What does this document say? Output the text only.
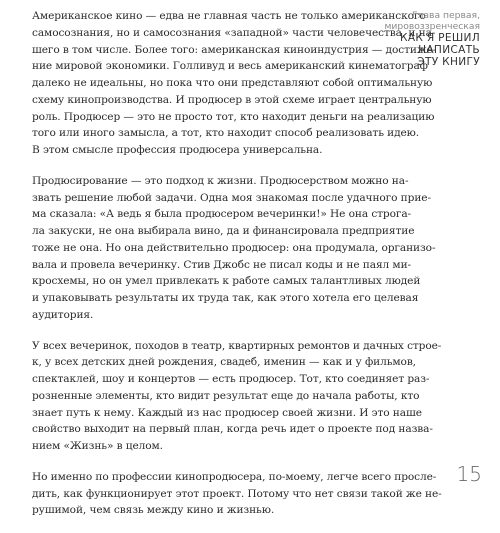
Американское кино — едва не главная часть не только американского
самосознания, но и самосознания «западной» части человечества, и на-
шего в том числе. Более того: американская киноиндустрия — достиже-
ние мировой экономики. Голливуд и весь американский кинематограф
далеко не идеальны, но пока что они представляют собой оптимальную
схему кинопроизводства. И продюсер в этой схеме играет центральную
роль. Продюсер — это не просто тот, кто находит деньги на реализацию
того или иного замысла, а тот, кто находит способ реализовать идею.
В этом смысле профессия продюсера универсальна.
Продюсирование — это подход к жизни. Продюсерством можно на-
звать решение любой задачи. Одна моя знакомая после удачного прие-
ма сказала: «А ведь я была продюсером вечеринки!» Не она строга-
ла закуски, не она выбирала вино, да и финансировала предприятие
тоже не она. Но она действительно продюсер: она продумала, организо-
вала и провела вечеринку. Стив Джобс не писал коды и не паял ми-
кросхемы, но он умел привлекать к работе самых талантливых людей
и упаковывать результаты их труда так, как этого хотела его целевая
аудитория.
У всех вечеринок, походов в театр, квартирных ремонтов и дачных строе-
к, у всех детских дней рождения, свадеб, именин — как и у фильмов,
спектаклей, шоу и концертов — есть продюсер. Тот, кто соединяет раз-
розненные элементы, кто видит результат еще до начала работы, кто
знает путь к нему. Каждый из нас продюсер своей жизни. И это наше
свойство выходит на первый план, когда речь идет о проекте под назва-
нием «Жизнь» в целом.
Но именно по профессии кинопродюсера, по-моему, легче всего просле-
дить, как функционирует этот проект. Потому что нет связи такой же не-
рушимой, чем связь между кино и жизнью.
Глава первая,
мировоззренческая
КАК Я РЕШИЛ
НАПИСАТЬ
ЭТУ КНИГУ
15
